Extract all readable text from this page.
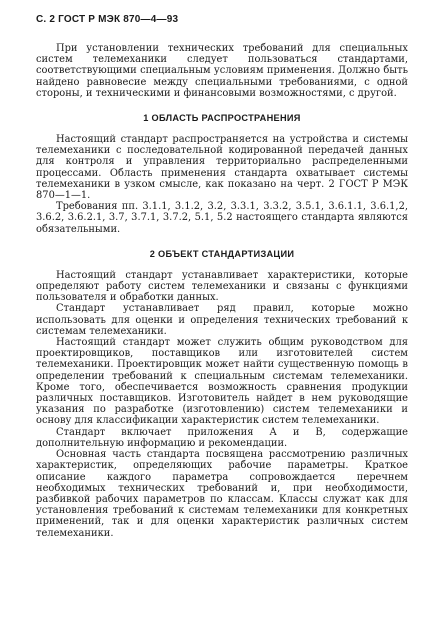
С. 2 ГОСТ Р МЭК 870—4—93

При установлении технических требований для специальных систем телемеханики следует пользоваться стандартами, соответствующими специальным условиям применения. Должно быть найдено равновесие между специальными требованиями, с одной стороны, и техническими и финансовыми возможностями, с другой.

1 ОБЛАСТЬ РАСПРОСТРАНЕНИЯ

Настоящий стандарт распространяется на устройства и системы телемеханики с последовательной кодированной передачей данных для контроля и управления территориально распределенными процессами. Область применения стандарта охватывает системы телемеханики в узком смысле, как показано на черт. 2 ГОСТ Р МЭК 870—1—1.

Требования пп. 3.1.1, 3.1.2, 3.2, 3.3.1, 3.3.2, 3.5.1, 3.6.1.1, 3.6.1,2, 3.6.2, 3.6.2.1, 3.7, 3.7.1, 3.7.2, 5.1, 5.2 настоящего стандарта являются обязательными.

2 ОБЪЕКТ СТАНДАРТИЗАЦИИ

Настоящий стандарт устанавливает характеристики, которые определяют работу систем телемеханики и связаны с функциями пользователя и обработки данных.

Стандарт устанавливает ряд правил, которые можно использовать для оценки и определения технических требований к системам телемеханики.

Настоящий стандарт может служить общим руководством для проектировщиков, поставщиков или изготовителей систем телемеханики. Проектировщик может найти существенную помощь в определении требований к специальным системам телемеханики. Кроме того, обеспечивается возможность сравнения продукции различных поставщиков. Изготовитель найдет в нем руководящие указания по разработке (изготовлению) систем телемеханики и основу для классификации характеристик систем телемеханики.

Стандарт включает приложения А и В, содержащие дополнительную информацию и рекомендации.

Основная часть стандарта посвящена рассмотрению различных характеристик, определяющих рабочие параметры. Краткое описание каждого параметра сопровождается перечнем необходимых технических требований и, при необходимости, разбивкой рабочих параметров по классам. Классы служат как для установления требований к системам телемеханики для конкретных применений, так и для оценки характеристик различных систем телемеханики.
